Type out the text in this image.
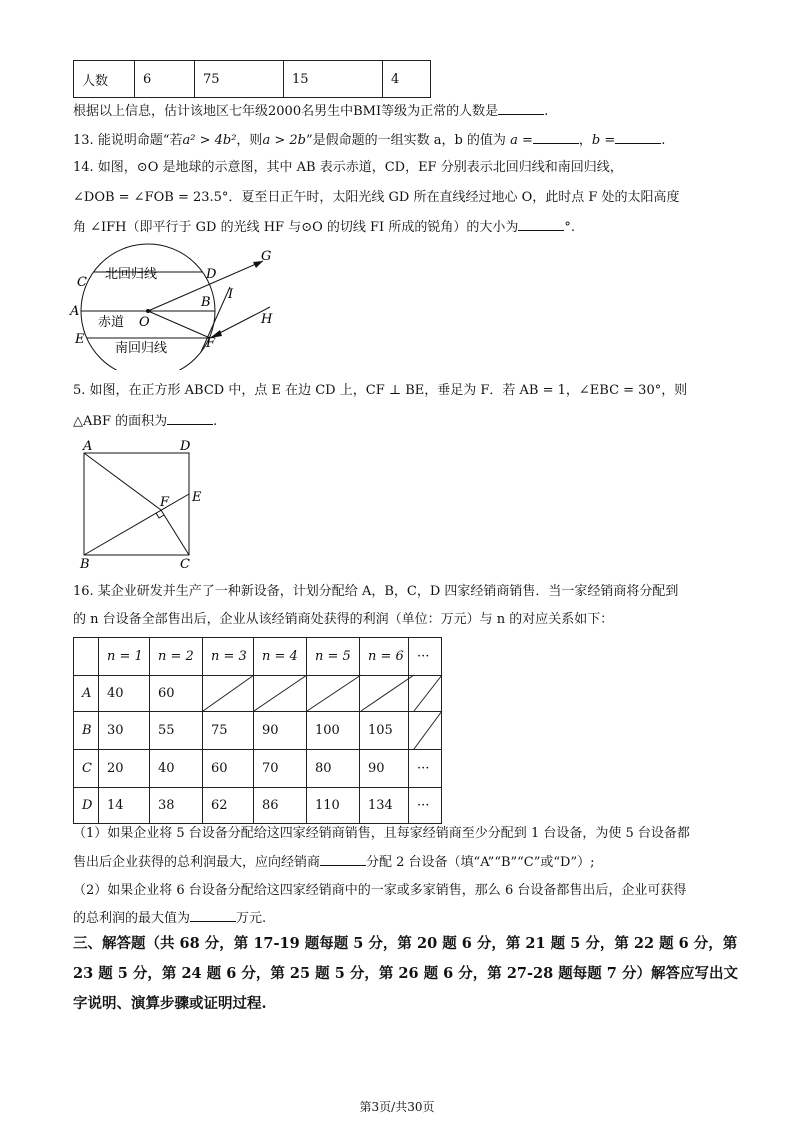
人数	6	75	15	4
根据以上信息，估计该地区七年级2000名男生中BMI等级为正常的人数是	.
13. 能说明命题“若a² > 4b²，则a > 2b”是假命题的一组实数 a，b 的值为 a =	，b =	.
14. 如图，⊙O 是地球的示意图，其中 AB 表示赤道，CD，EF 分别表示北回归线和南回归线，
∠DOB = ∠FOB = 23.5°．夏至日正午时，太阳光线 GD 所在直线经过地心 O，此时点 F 处的太阳高度
角 ∠IFH（即平行于 GD 的光线 HF 与⊙O 的切线 FI 所成的锐角）的大小为	°.
北回归线
赤道
南回归线
C
D
A
B
O
E	F
G
H
I
5. 如图，在正方形 ABCD 中，点 E 在边 CD 上，CF ⊥ BE，垂足为 F．若 AB = 1，∠EBC = 30°，则
△ABF 的面积为	.
A	D
F E
B	C
16. 某企业研发并生产了一种新设备，计划分配给 A，B，C，D 四家经销商销售．当一家经销商将分配到
的 n 台设备全部售出后，企业从该经销商处获得的利润（单位：万元）与 n 的对应关系如下：
	n = 1	n = 2	n = 3	n = 4	n = 5	n = 6	···
A	40	60					
B	30	55	75	90	100	105	
C	20	40	60	70	80	90	···
D	14	38	62	86	110	134	···
（1）如果企业将 5 台设备分配给这四家经销商销售，且每家经销商至少分配到 1 台设备，为使 5 台设备都
售出后企业获得的总利润最大，应向经销商	分配 2 台设备（填“A”“B”“C”或“D”）;
（2）如果企业将 6 台设备分配给这四家经销商中的一家或多家销售，那么 6 台设备都售出后，企业可获得
的总利润的最大值为	万元.
三、解答题（共 68 分，第 17-19 题每题 5 分，第 20 题 6 分，第 21 题 5 分，第 22 题 6 分，第
23 题 5 分，第 24 题 6 分，第 25 题 5 分，第 26 题 6 分，第 27-28 题每题 7 分）解答应写出文
字说明、演算步骤或证明过程.
第3页/共30页
